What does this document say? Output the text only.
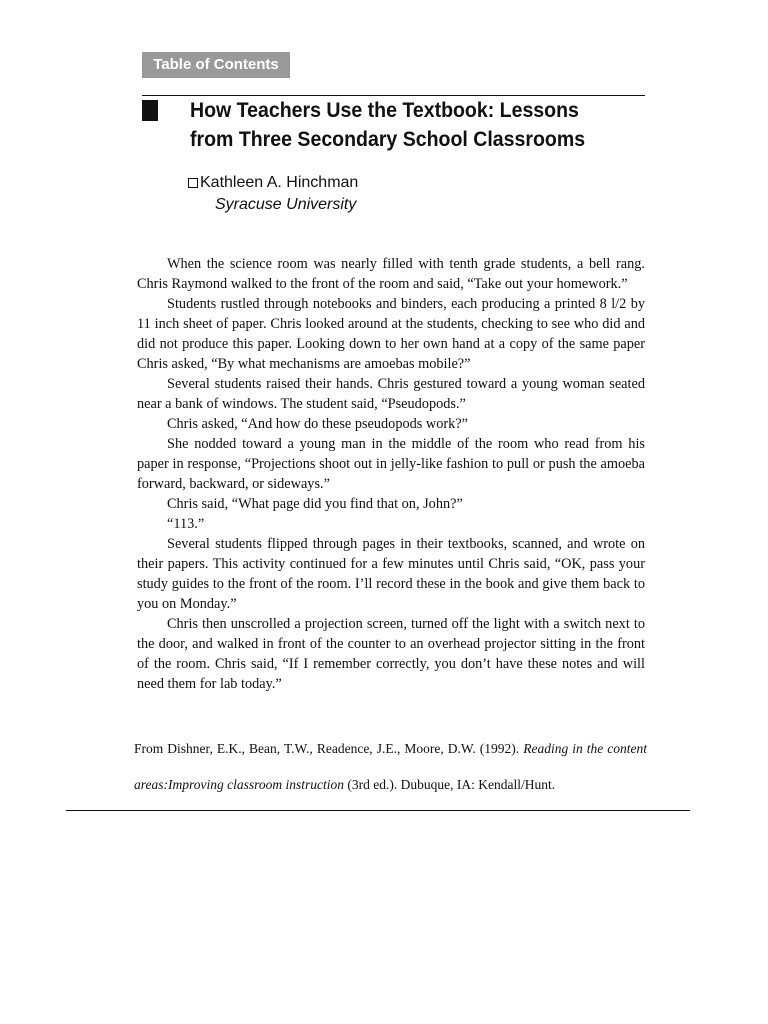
Table of Contents
How Teachers Use the Textbook: Lessons
from Three Secondary School Classrooms
Kathleen A. Hinchman
Syracuse University

When the science room was nearly filled with tenth grade students, a bell rang. Chris Raymond walked to the front of the room and said, “Take out your homework.”

Students rustled through notebooks and binders, each producing a printed 8 l/2 by 11 inch sheet of paper. Chris looked around at the students, checking to see who did and did not produce this paper. Looking down to her own hand at a copy of the same paper Chris asked, “By what mechanisms are amoebas mobile?”

Several students raised their hands. Chris gestured toward a young woman seated near a bank of windows. The student said, “Pseudopods.”

Chris asked, “And how do these pseudopods work?”

She nodded toward a young man in the middle of the room who read from his paper in response, “Projections shoot out in jelly-like fashion to pull or push the amoeba forward, backward, or sideways.”

Chris said, “What page did you find that on, John?”

“113.”

Several students flipped through pages in their textbooks, scanned, and wrote on their papers. This activity continued for a few minutes until Chris said, “OK, pass your study guides to the front of the room. I’ll record these in the book and give them back to you on Monday.”

Chris then unscrolled a projection screen, turned off the light with a switch next to the door, and walked in front of the counter to an overhead projector sitting in the front of the room. Chris said, “If I remember correctly, you don’t have these notes and will need them for lab today.”

From Dishner, E.K., Bean, T.W., Readence, J.E., Moore, D.W. (1992). Reading in the content areas:Improving classroom instruction (3rd ed.). Dubuque, IA: Kendall/Hunt.
